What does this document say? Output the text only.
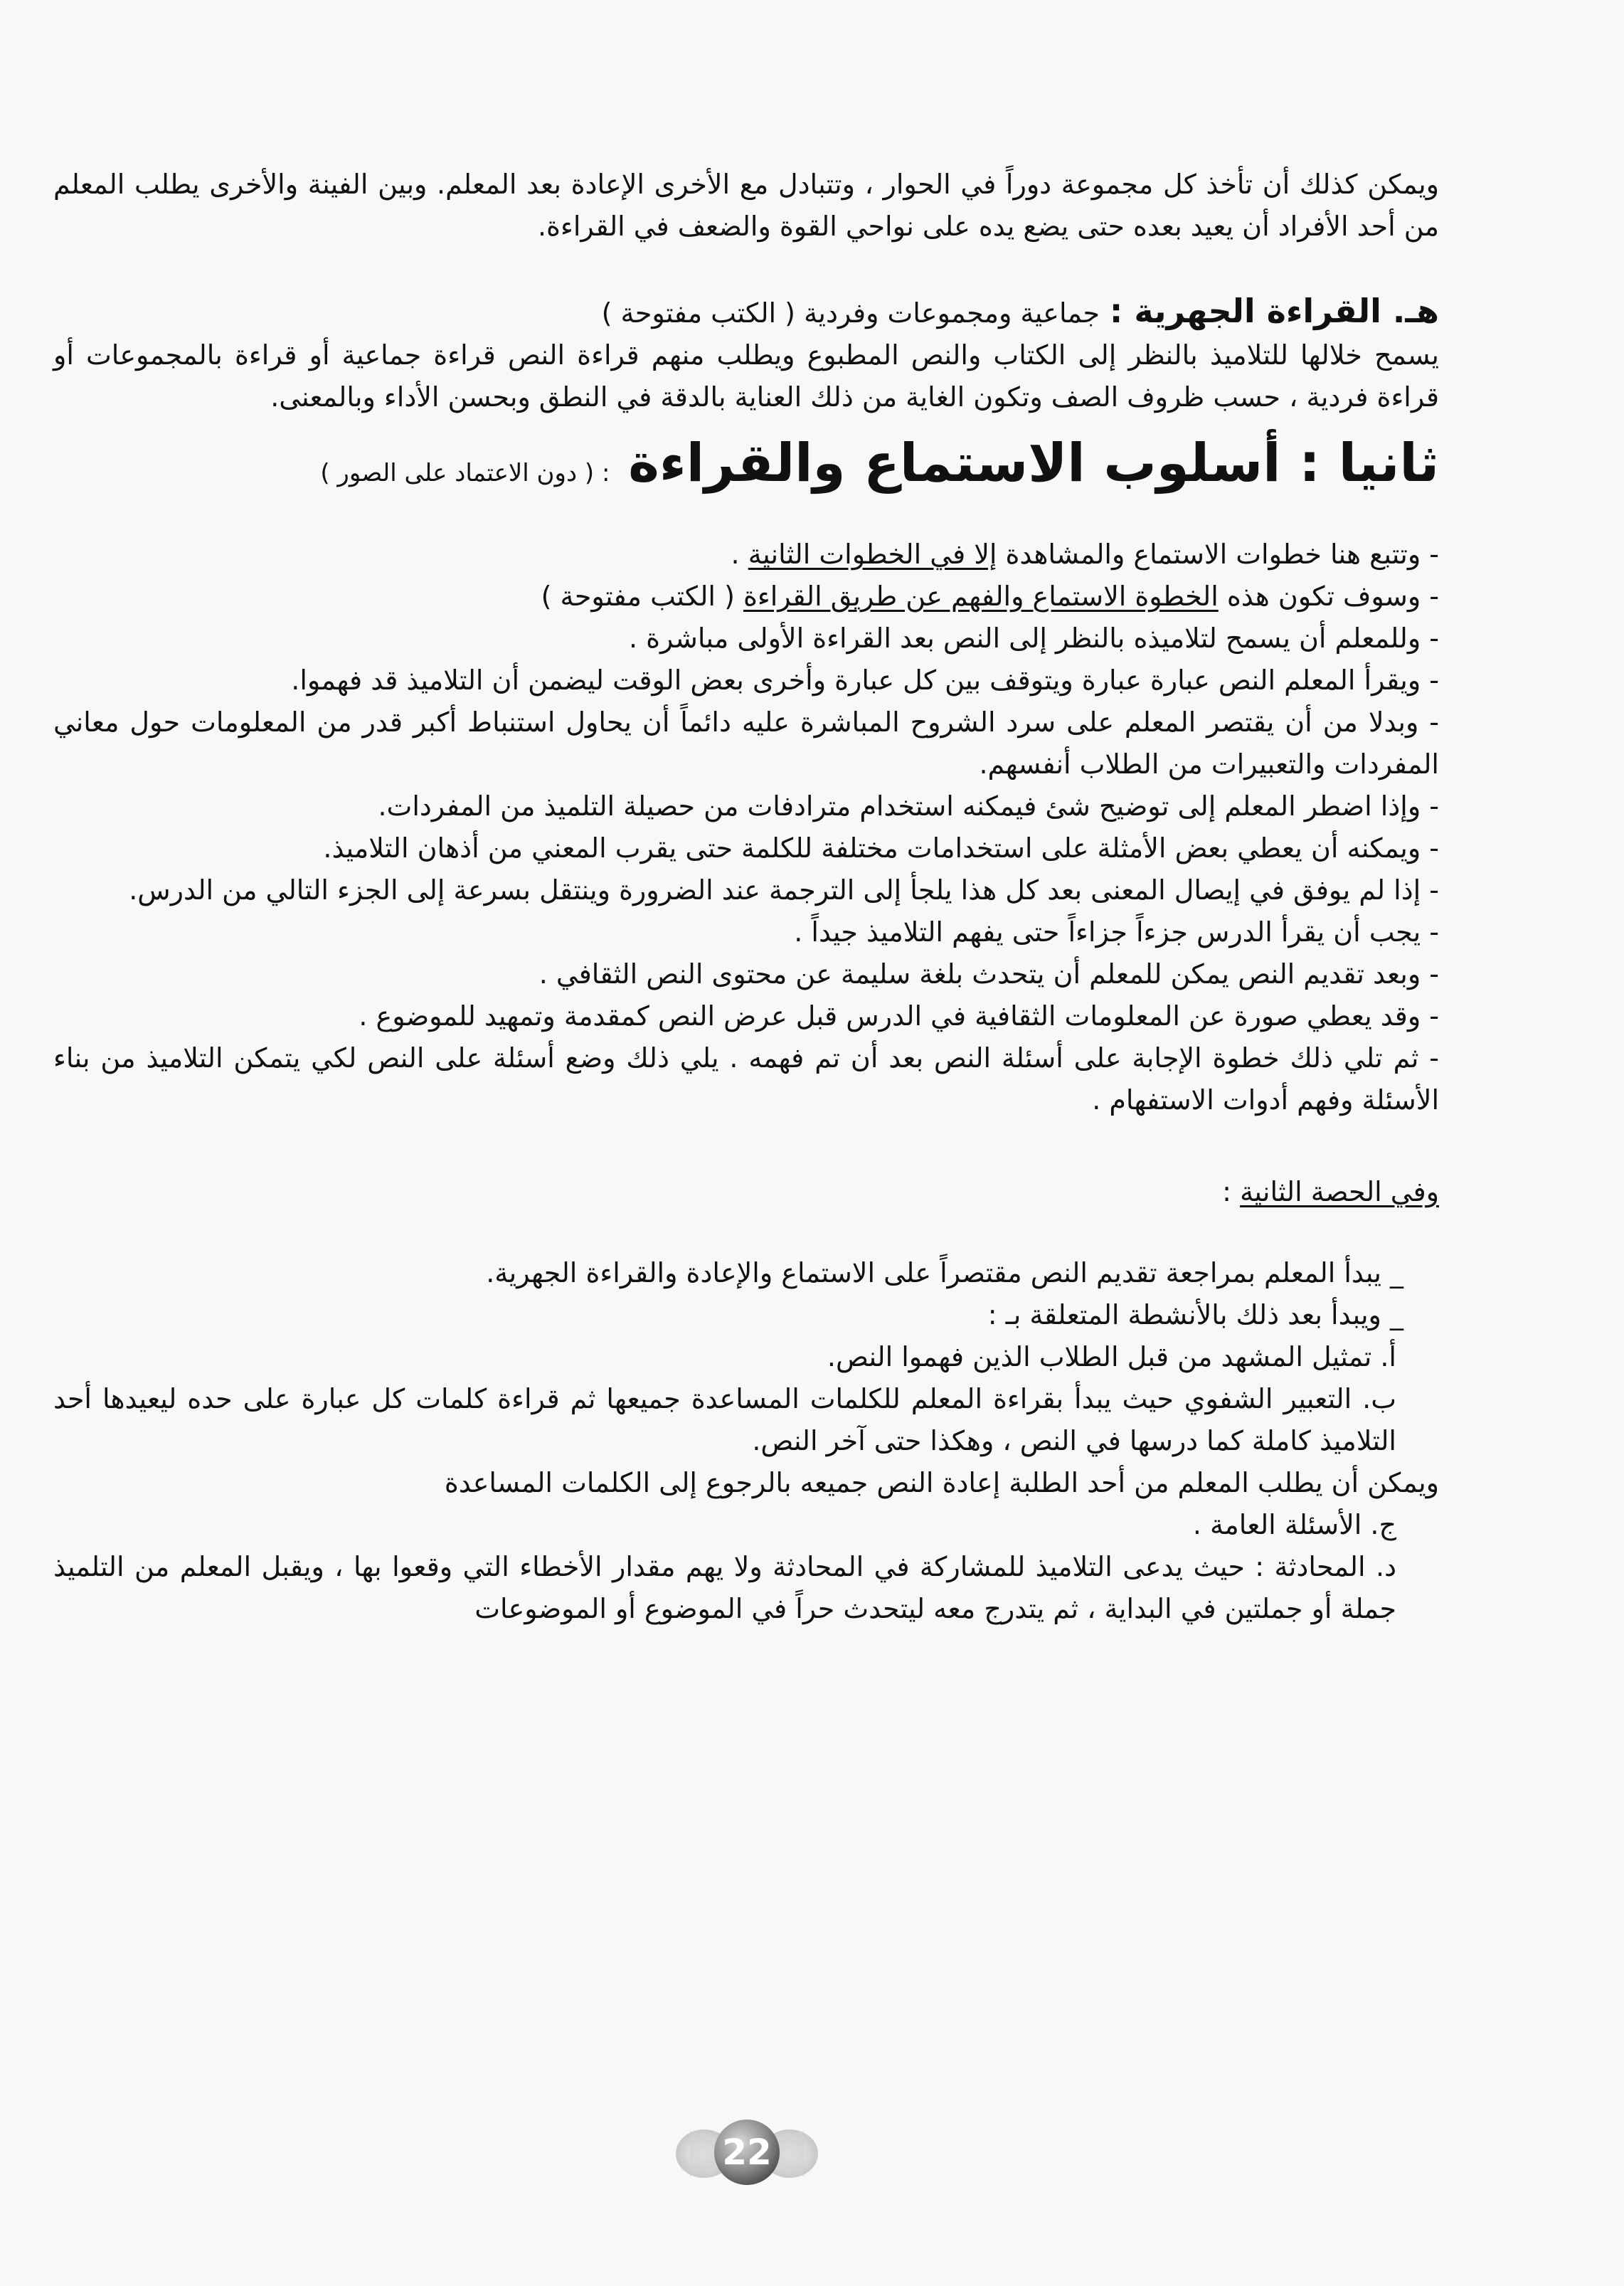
ويمكن كذلك أن تأخذ كل مجموعة دوراً في الحوار ، وتتبادل مع الأخرى الإعادة بعد المعلم. وبين الفينة والأخرى يطلب المعلم من أحد الأفراد أن يعيد بعده حتى يضع يده على نواحي القوة والضعف في القراءة.

هـ. القراءة الجهرية : جماعية ومجموعات وفردية ( الكتب مفتوحة )

يسمح خلالها للتلاميذ بالنظر إلى الكتاب والنص المطبوع ويطلب منهم قراءة النص قراءة جماعية أو قراءة بالمجموعات أو قراءة فردية ، حسب ظروف الصف وتكون الغاية من ذلك العناية بالدقة في النطق وبحسن الأداء وبالمعنى.

ثانيا : أسلوب الاستماع والقراءة : ( دون الاعتماد على الصور )
- وتتبع هنا خطوات الاستماع والمشاهدة إلا في الخطوات الثانية .
- وسوف تكون هذه الخطوة الاستماع والفهم عن طريق القراءة ( الكتب مفتوحة )
- وللمعلم أن يسمح لتلاميذه بالنظر إلى النص بعد القراءة الأولى مباشرة .
- ويقرأ المعلم النص عبارة عبارة ويتوقف بين كل عبارة وأخرى بعض الوقت ليضمن أن التلاميذ قد فهموا.
- وبدلا من أن يقتصر المعلم على سرد الشروح المباشرة عليه دائماً أن يحاول استنباط أكبر قدر من المعلومات حول معاني المفردات والتعبيرات من الطلاب أنفسهم.
- وإذا اضطر المعلم إلى توضيح شئ فيمكنه استخدام مترادفات من حصيلة التلميذ من المفردات.
- ويمكنه أن يعطي بعض الأمثلة على استخدامات مختلفة للكلمة حتى يقرب المعني من أذهان التلاميذ.
- إذا لم يوفق في إيصال المعنى بعد كل هذا يلجأ إلى الترجمة عند الضرورة وينتقل بسرعة إلى الجزء التالي من الدرس.
- يجب أن يقرأ الدرس جزءاً جزاءاً حتى يفهم التلاميذ جيداً .
- وبعد تقديم النص يمكن للمعلم أن يتحدث بلغة سليمة عن محتوى النص الثقافي .
- وقد يعطي صورة عن المعلومات الثقافية في الدرس قبل عرض النص كمقدمة وتمهيد للموضوع .
- ثم تلي ذلك خطوة الإجابة على أسئلة النص بعد أن تم فهمه . يلي ذلك وضع أسئلة على النص لكي يتمكن التلاميذ من بناء الأسئلة وفهم أدوات الاستفهام .

وفي الحصة الثانية :

_ يبدأ المعلم بمراجعة تقديم النص مقتصراً على الاستماع والإعادة والقراءة الجهرية.

_ ويبدأ بعد ذلك بالأنشطة المتعلقة بـ :

أ. تمثيل المشهد من قبل الطلاب الذين فهموا النص.

ب. التعبير الشفوي حيث يبدأ بقراءة المعلم للكلمات المساعدة جميعها ثم قراءة كلمات كل عبارة على حده ليعيدها أحد التلاميذ كاملة كما درسها في النص ، وهكذا حتى آخر النص.

ويمكن أن يطلب المعلم من أحد الطلبة إعادة النص جميعه بالرجوع إلى الكلمات المساعدة

ج. الأسئلة العامة .

د. المحادثة : حيث يدعى التلاميذ للمشاركة في المحادثة ولا يهم مقدار الأخطاء التي وقعوا بها ، ويقبل المعلم من التلميذ جملة أو جملتين في البداية ، ثم يتدرج معه ليتحدث حراً في الموضوع أو الموضوعات

22
